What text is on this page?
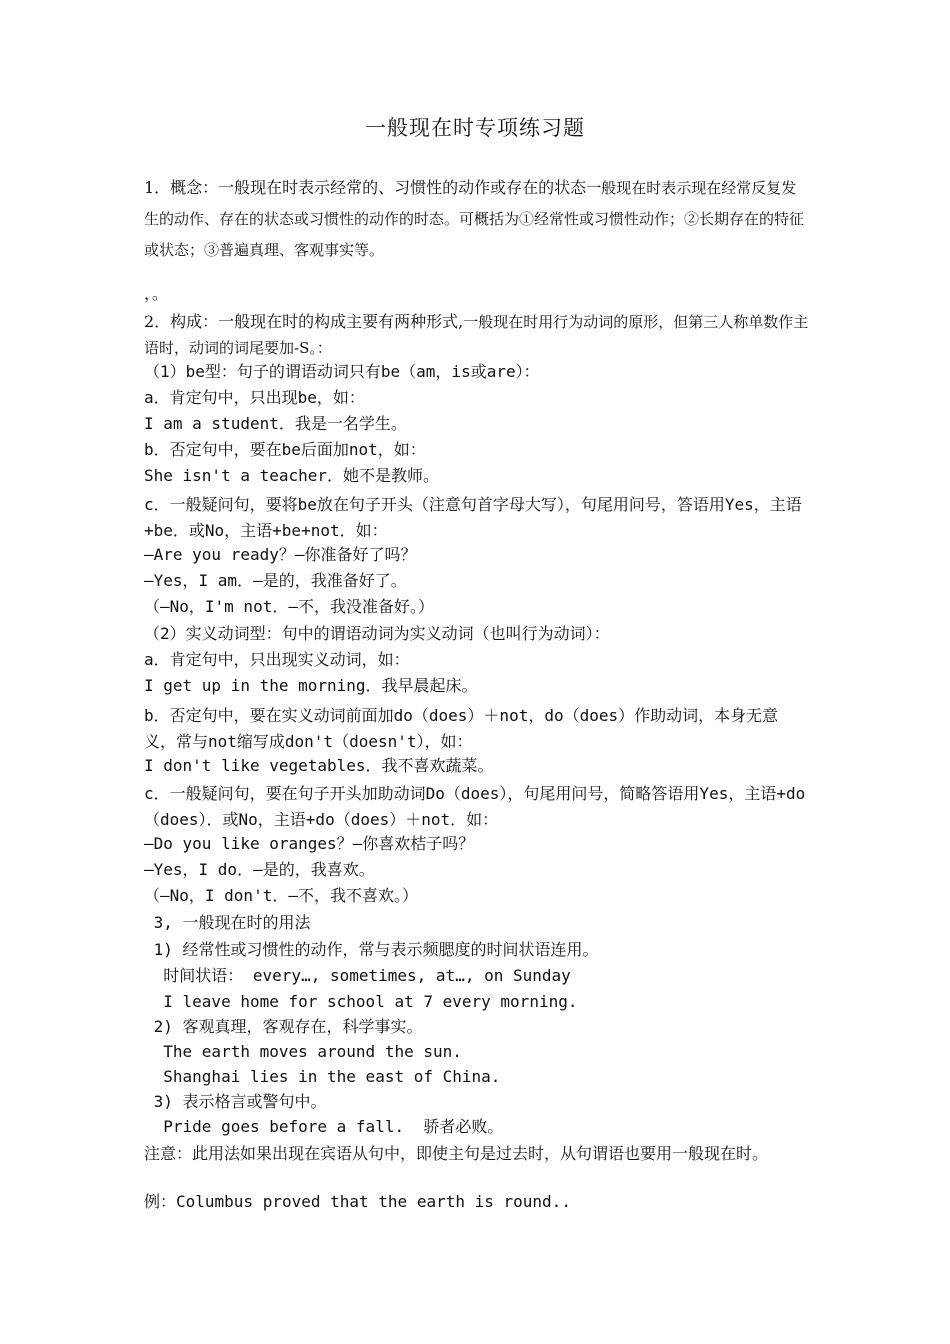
一般现在时专项练习题
1．概念：一般现在时表示经常的、习惯性的动作或存在的状态一般现在时表示现在经常反复发生的动作、存在的状态或习惯性的动作的时态。可概括为①经常性或习惯性动作；②长期存在的特征或状态；③普遍真理、客观事实等。
，。
2．构成：一般现在时的构成主要有两种形式,一般现在时用行为动词的原形，但第三人称单数作主语时，动词的词尾要加-S。：
（1）be型：句子的谓语动词只有be（am，is或are）：
a．肯定句中，只出现be，如：
I am a student．我是一名学生。
b．否定句中，要在be后面加not，如：
She isn't a teacher．她不是教师。
c．一般疑问句，要将be放在句子开头（注意句首字母大写），句尾用问号，答语用Yes，主语+be．或No，主语+be+not．如：
—Are you ready？—你准备好了吗？
—Yes，I am．—是的，我准备好了。
（—No，I'm not．—不，我没准备好。）
（2）实义动词型：句中的谓语动词为实义动词（也叫行为动词）：
a．肯定句中，只出现实义动词，如：
I get up in the morning．我早晨起床。
b．否定句中，要在实义动词前面加do（does）＋not，do（does）作助动词，本身无意义，常与not缩写成don't（doesn't），如：
I don't like vegetables．我不喜欢蔬菜。
c．一般疑问句，要在句子开头加助动词Do（does），句尾用问号，简略答语用Yes，主语+do（does）．或No，主语+do（does）＋not．如：
—Do you like oranges？—你喜欢桔子吗？
—Yes，I do．—是的，我喜欢。
（—No，I don't．—不，我不喜欢。）
3, 一般现在时的用法
1) 经常性或习惯性的动作，常与表示频腮度的时间状语连用。
时间状语： every…, sometimes, at…, on Sunday
I leave home for school at 7 every morning.
2) 客观真理，客观存在，科学事实。
The earth moves around the sun.
Shanghai lies in the east of China.
3) 表示格言或警句中。
Pride goes before a fall.  骄者必败。
注意：此用法如果出现在宾语从句中，即使主句是过去时，从句谓语也要用一般现在时。
例：Columbus proved that the earth is round..
